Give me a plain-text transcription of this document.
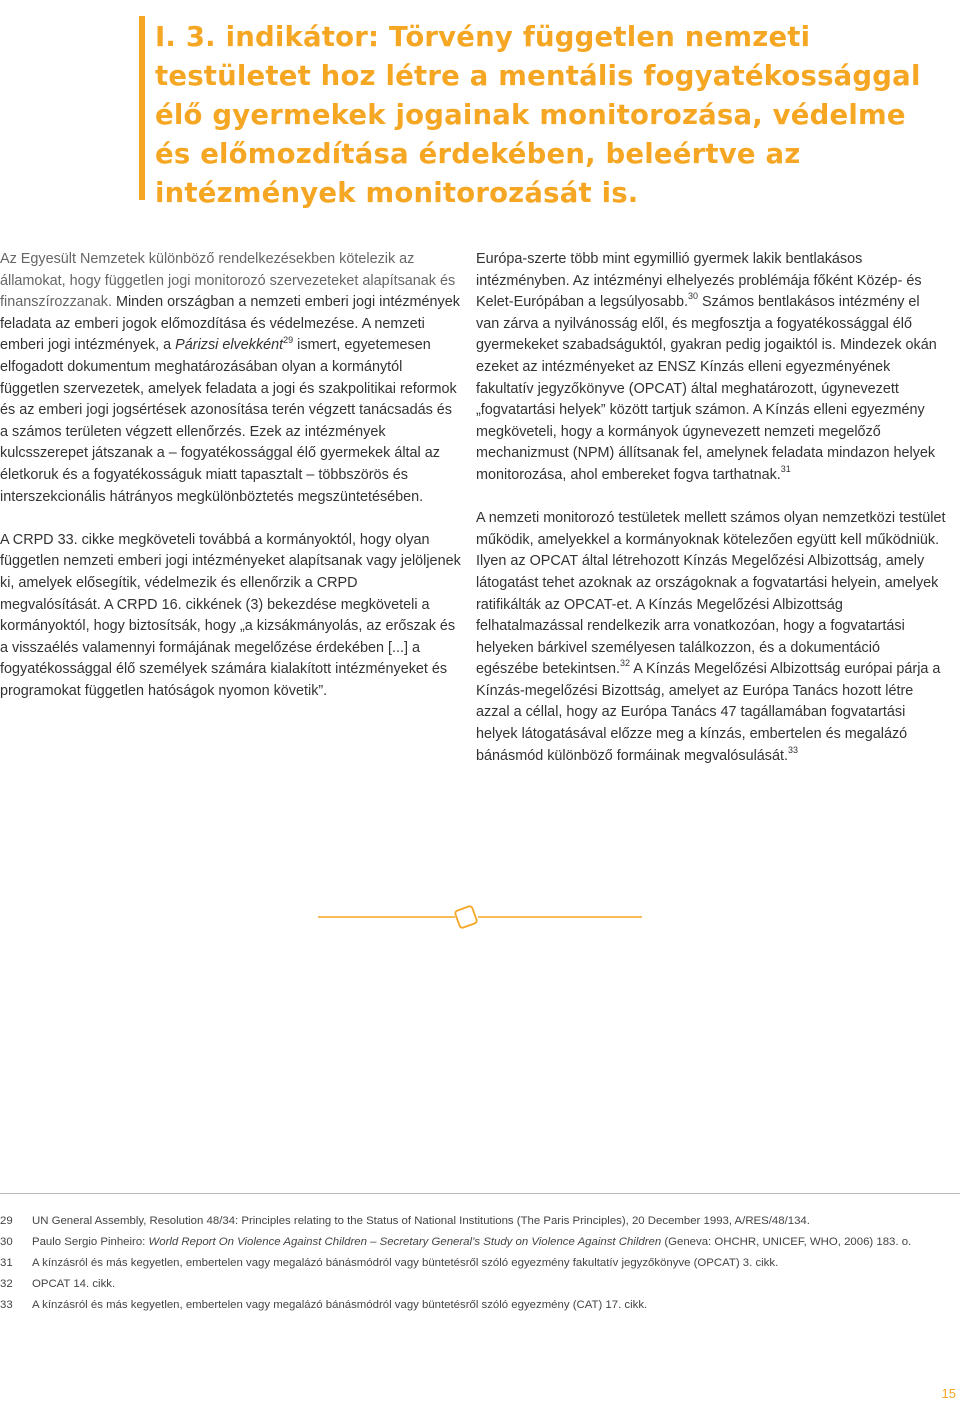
I. 3. indikátor: Törvény független nemzeti testületet hoz létre a mentális fogyatékossággal élő gyermekek jogainak monitorozása, védelme és előmozdítása érdekében, beleértve az intézmények monitorozását is.

Az Egyesült Nemzetek különböző rendelkezésekben kötelezik az államokat, hogy független jogi monitorozó szervezeteket alapítsanak és finanszírozzanak. Minden országban a nemzeti emberi jogi intézmények feladata az emberi jogok előmozdítása és védelmezése. A nemzeti emberi jogi intézmények, a Párizsi elvekként$^{29}$ ismert, egyetemesen elfogadott dokumentum meghatározásában olyan a kormánytól független szervezetek, amelyek feladata a jogi és szakpolitikai reformok és az emberi jogi jogsértések azonosítása terén végzett tanácsadás és a számos területen végzett ellenőrzés. Ezek az intézmények kulcsszerepet játszanak a – fogyatékossággal élő gyermekek által az életkoruk és a fogyatékosságuk miatt tapasztalt – többszörös és interszekcionális hátrányos megkülönböztetés megszüntetésében.

A CRPD 33. cikke megköveteli továbbá a kormányoktól, hogy olyan független nemzeti emberi jogi intézményeket alapítsanak vagy jelöljenek ki, amelyek elősegítik, védelmezik és ellenőrzik a CRPD megvalósítását. A CRPD 16. cikkének (3) bekezdése megköveteli a kormányoktól, hogy biztosítsák, hogy „a kizsákmányolás, az erőszak és a visszaélés valamennyi formájának megelőzése érdekében [...] a fogyatékossággal élő személyek számára kialakított intézményeket és programokat független hatóságok nyomon követik”.

Európa-szerte több mint egymillió gyermek lakik bentlakásos intézményben. Az intézményi elhelyezés problémája főként Közép- és Kelet-Európában a legsúlyosabb.$^{30}$ Számos bentlakásos intézmény el van zárva a nyilvánosság elől, és megfosztja a fogyatékossággal élő gyermekeket szabadságuktól, gyakran pedig jogaiktól is. Mindezek okán ezeket az intézményeket az ENSZ Kínzás elleni egyezményének fakultatív jegyzőkönyve (OPCAT) által meghatározott, úgynevezett „fogvatartási helyek” között tartjuk számon. A Kínzás elleni egyezmény megköveteli, hogy a kormányok úgynevezett nemzeti megelőző mechanizmust (NPM) állítsanak fel, amelynek feladata mindazon helyek monitorozása, ahol embereket fogva tarthatnak.$^{31}$

A nemzeti monitorozó testületek mellett számos olyan nemzetközi testület működik, amelyekkel a kormányoknak kötelezően együtt kell működniük. Ilyen az OPCAT által létrehozott Kínzás Megelőzési Albizottság, amely látogatást tehet azoknak az országoknak a fogvatartási helyein, amelyek ratifikálták az OPCAT-et. A Kínzás Megelőzési Albizottság felhatalmazással rendelkezik arra vonatkozóan, hogy a fogvatartási helyeken bárkivel személyesen találkozzon, és a dokumentáció egészébe betekintsen.$^{32}$ A Kínzás Megelőzési Albizottság európai párja a Kínzás-megelőzési Bizottság, amelyet az Európa Tanács hozott létre azzal a céllal, hogy az Európa Tanács 47 tagállamában fogvatartási helyek látogatásával előzze meg a kínzás, embertelen és megalázó bánásmód különböző formáinak megvalósulását.$^{33}$

29 UN General Assembly, Resolution 48/34: Principles relating to the Status of National Institutions (The Paris Principles), 20 December 1993, A/RES/48/134.
30 Paulo Sergio Pinheiro: World Report On Violence Against Children – Secretary General’s Study on Violence Against Children (Geneva: OHCHR, UNICEF, WHO, 2006) 183. o.
31 A kínzásról és más kegyetlen, embertelen vagy megalázó bánásmódról vagy büntetésről szóló egyezmény fakultatív jegyzőkönyve (OPCAT) 3. cikk.
32 OPCAT 14. cikk.
33 A kínzásról és más kegyetlen, embertelen vagy megalázó bánásmódról vagy büntetésről szóló egyezmény (CAT) 17. cikk.
15
